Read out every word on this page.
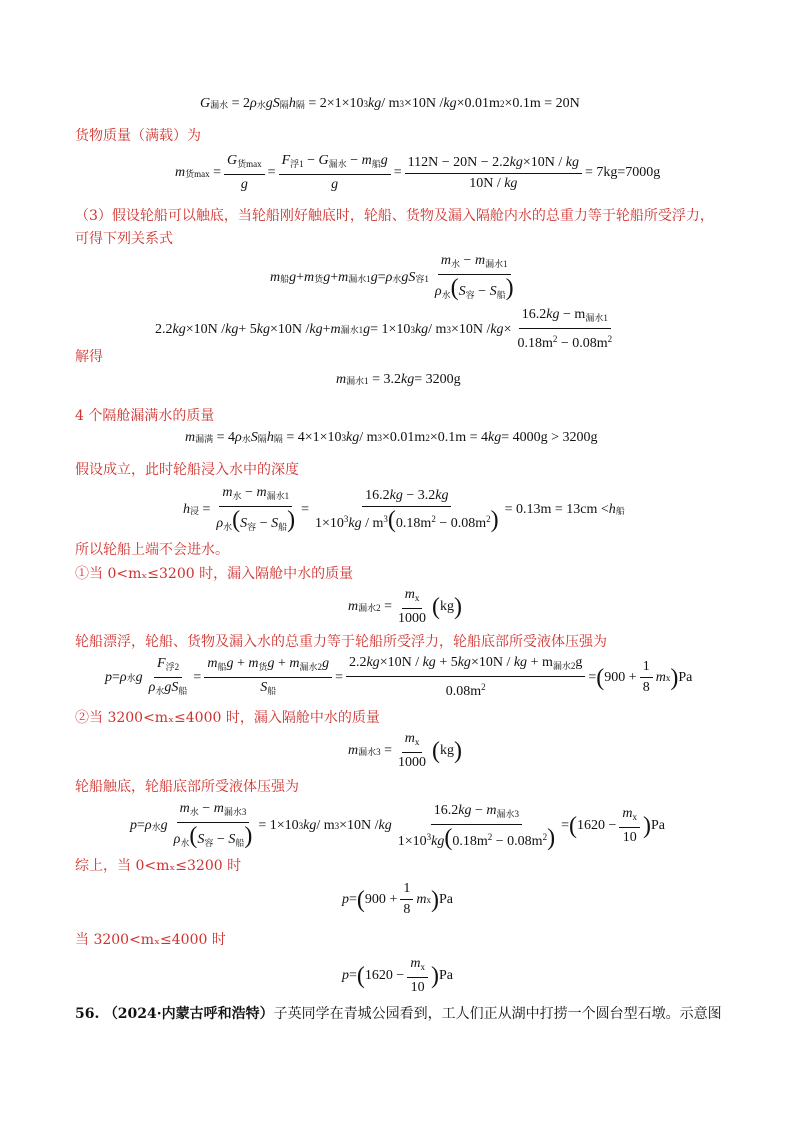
G 漏水 = 2 ρ 水 gS 隔 h 隔 = 2×1×10 3 kg / m 3 ×10N / kg ×0.01m 2 ×0.1m = 20N
货物质量（满载）为
m 货$\max = \frac{G_{货max}}{g} = \frac{F_{浮1} - G_{漏水} - m_船g}{g} = \frac{112N - 20N - 2.2kg\times 10N / kg}{10N / kg} = 7kg=7000g$
（3）假设轮船可以触底，当轮船刚好触底时，轮船、货物及漏入隔舱内水的总重力等于轮船所受浮力，
可得下列关系式
m 船 g + m 货 g + m 漏水1 g = ρ 水 gS 容$1 \frac{m_水 - m_{漏水1}}{\rho_水(S_容 - S_船)}$
2.2 kg ×10N / kg + 5 kg ×10N / kg + m 漏水1 g = 1×10 3 kg / m 3 ×10N / kg × $\frac{16.2kg - m_{漏水1}}{0.18m^2 - 0.08m^2}$
解得
m 漏水1 = 3.2 kg = 3200g
4 个隔舱漏满水的质量
m 漏满 = 4 ρ 水 S 隔 h 隔 = 4×1×10 3 kg / m 3 ×0.01m 2 ×0.1m = 4 kg = 4000g > 3200g
假设成立，此时轮船浸入水中的深度
h 浸 = $\frac{m_水 - m_{漏水1}}{\rho_水(S_容 - S_船)} = \frac{16.2kg - 3.2kg}{1\times 10^3kg / m^3(0.18m^2 - 0.08m^2)} = 0.13m = 13cm < h$ 船
所以轮船上端不会进水。
①当 0<mₓ≤3200 时，漏入隔舱中水的质量
m 漏水$2 = \frac{m_x}{1000}$ ( kg )
轮船漂浮，轮船、货物及漏入水的总重力等于轮船所受浮力，轮船底部所受液体压强为
p = ρ 水 g $\frac{F_{浮2}}{\rho_水gS_船} = \frac{m_船g + m_货g + m_{漏水2}g}{S_船} = \frac{2.2kg\times 10N / kg + 5kg\times 10N / kg + m_{漏水2}g}{0.08m^2}$ = ( $900 + \frac{1}{8}$ m x ) Pa
②当 3200<mₓ≤4000 时，漏入隔舱中水的质量
m 漏水$3 = \frac{m_x}{1000}$ ( kg )
轮船触底，轮船底部所受液体压强为
p = ρ 水 g $\frac{m_水 - m_{漏水3}}{\rho_水(S_容 - S_船)} = 1\times 10$ 3 kg / m 3 ×10N / kg $\frac{16.2kg - m_{漏水3}}{1\times 10^3kg(0.18m^2 - 0.08m^2)}$ = ( $1620 - \frac{m_x}{10}$ ) Pa
综上，当 0<mₓ≤3200 时
p = ( $900 + \frac{1}{8}$ m x ) Pa
当 3200<mₓ≤4000 时
p = ( $1620 - \frac{m_x}{10}$ ) Pa
56. （2024·内蒙古呼和浩特）子英同学在青城公园看到，工人们正从湖中打捞一个圆台型石墩。示意图
